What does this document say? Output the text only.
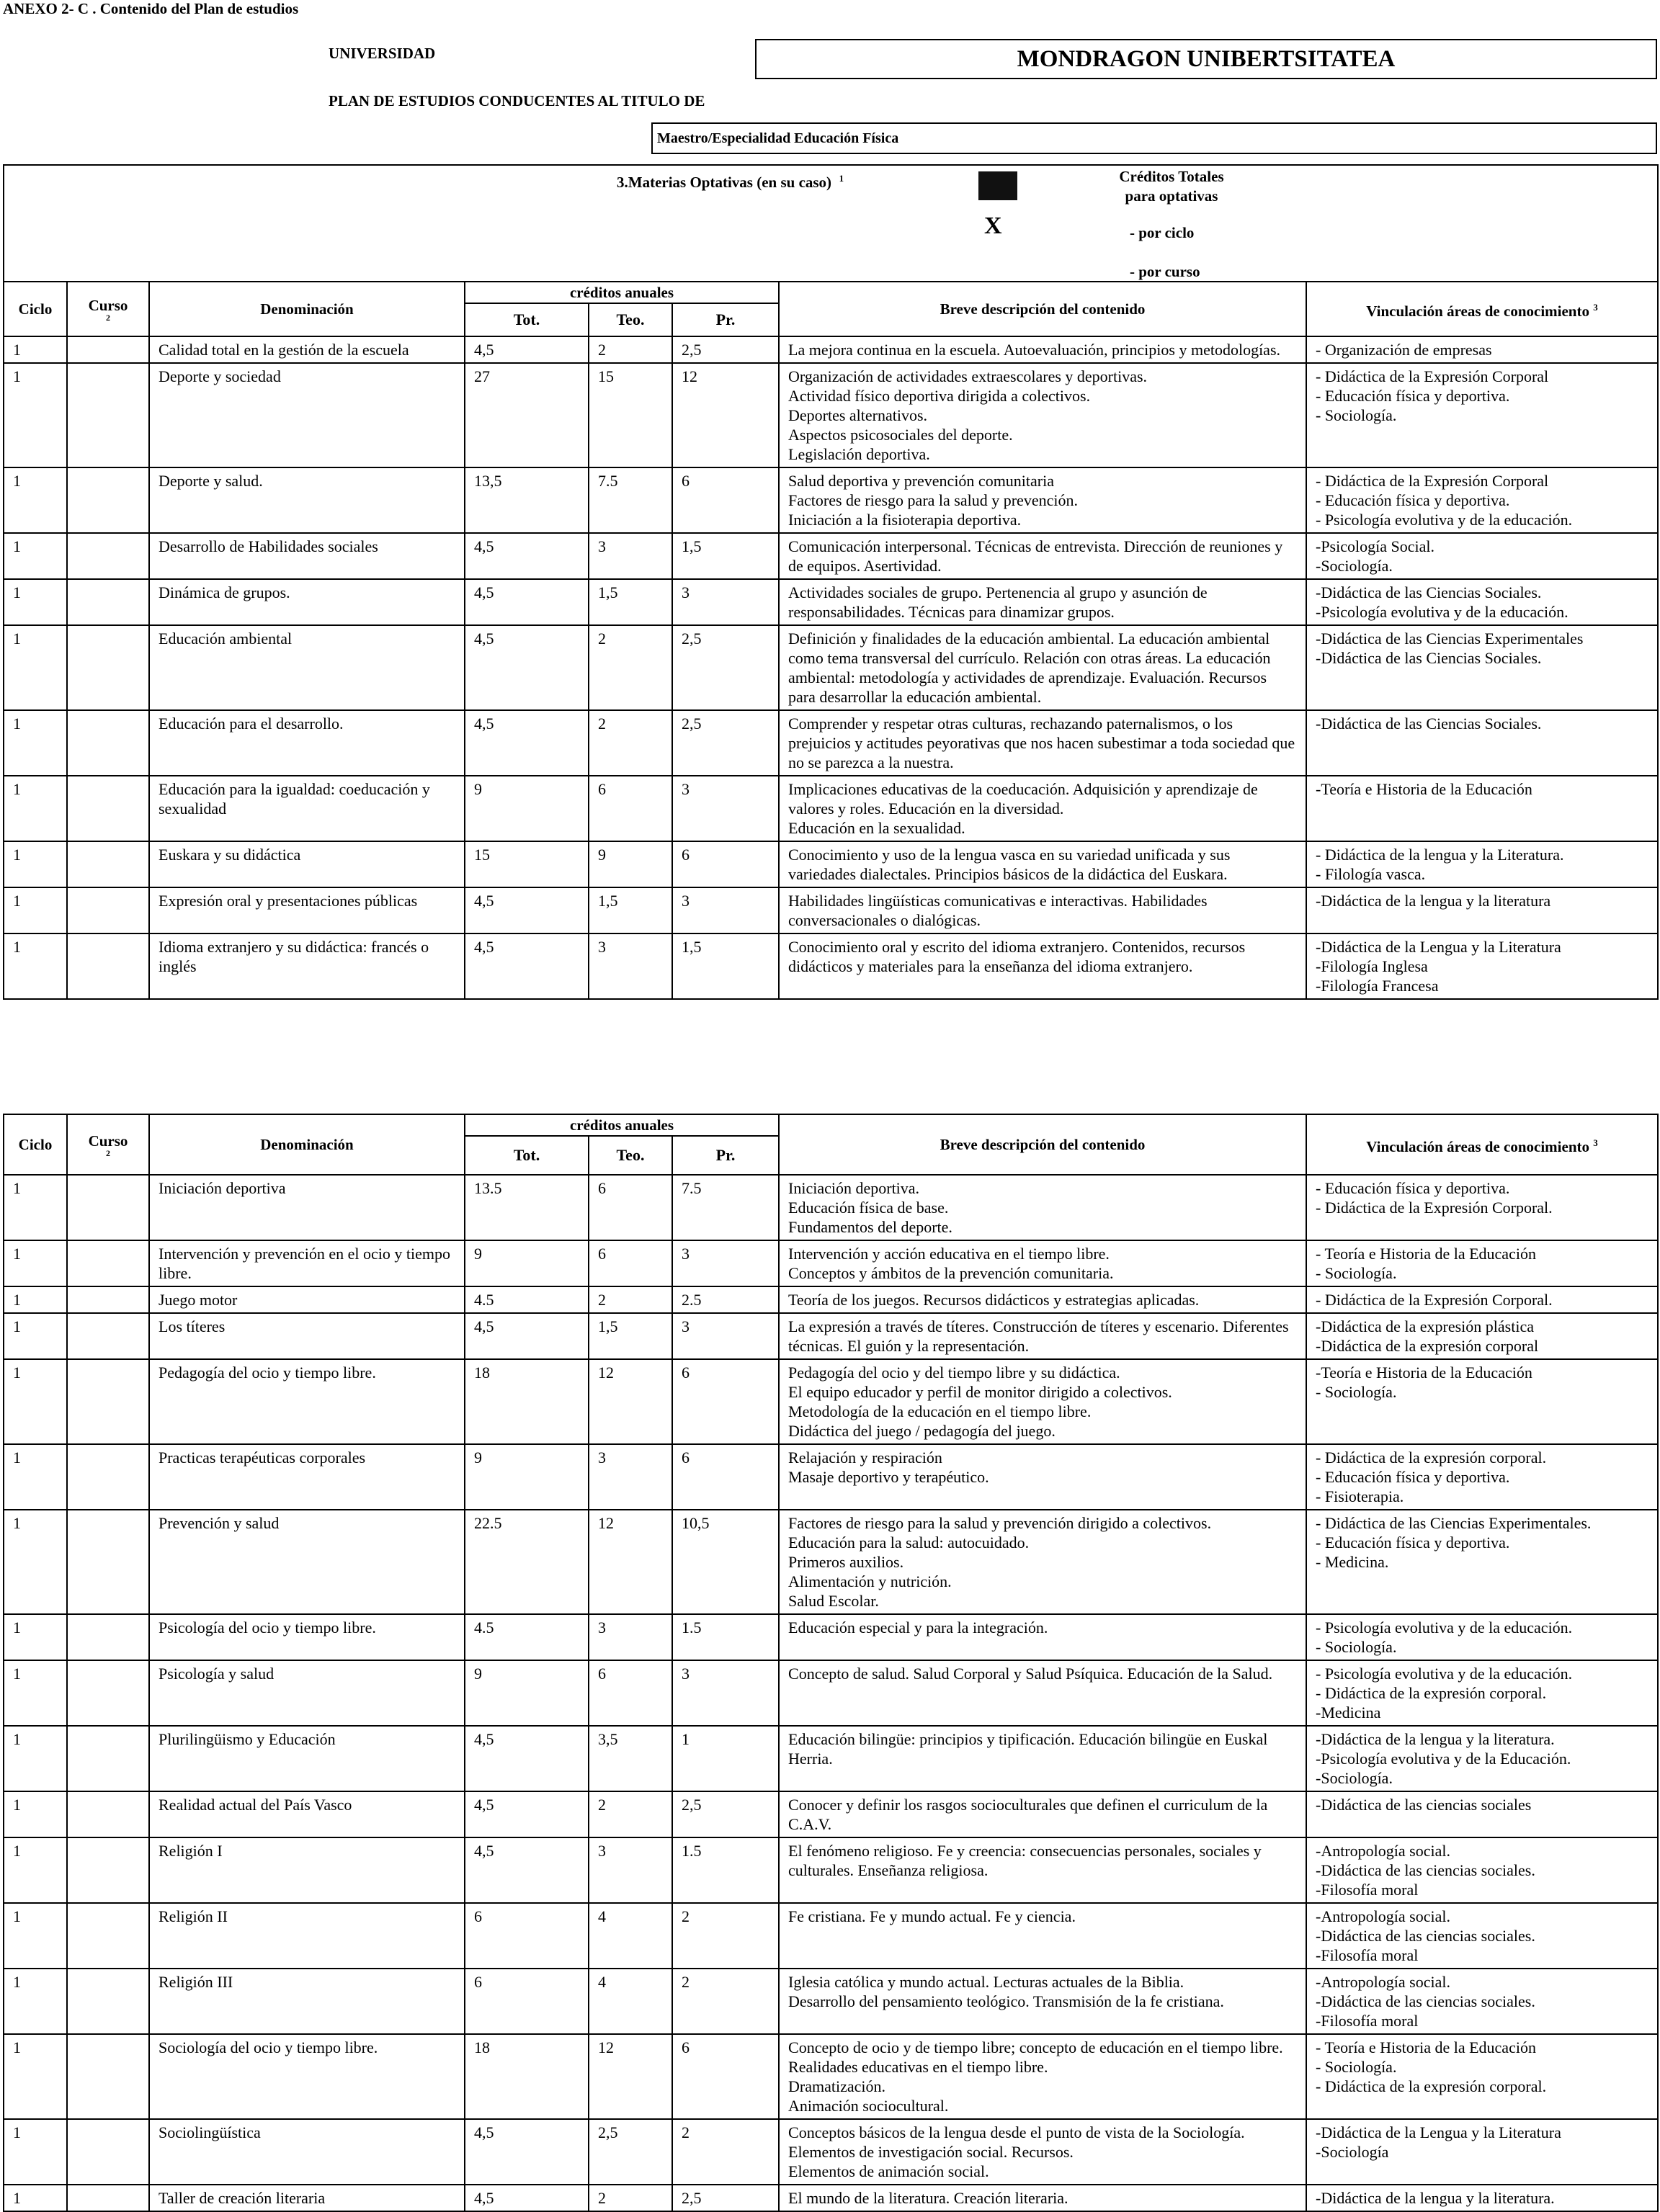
ANEXO 2- C . Contenido del Plan de estudios
UNIVERSIDAD	MONDRAGON UNIBERTSITATEA
PLAN DE ESTUDIOS CONDUCENTES AL TITULO DE
Maestro/Especialidad Educación Física
3.Materias Optativas (en su caso) $^1$
X
Créditos Totales para optativas
- por ciclo
- por curso							

Ciclo	Curso
2	Denominación	créditos anuales			Breve descripción del contenido	Vinculación áreas de conocimiento $^3$
			Tot.	Teo.	Pr.		
1		Calidad total en la gestión de la escuela	4,5	2	2,5	La mejora continua en la escuela. Autoevaluación, principios y metodologías.	- Organización de empresas

1		Deporte y sociedad	27	15	12	Organización de actividades extraescolares y deportivas.
Actividad físico deportiva dirigida a colectivos.
Deportes alternativos.
Aspectos psicosociales del deporte.
Legislación deportiva.	- Didáctica de la Expresión Corporal
- Educación física y deportiva.
- Sociología.

1		Deporte y salud.	13,5	7.5	6	Salud deportiva y prevención comunitaria
Factores de riesgo para la salud y prevención.
Iniciación a la fisioterapia deportiva.	- Didáctica de la Expresión Corporal
- Educación física y deportiva.
- Psicología evolutiva y de la educación.

1		Desarrollo de Habilidades sociales	4,5	3	1,5	Comunicación interpersonal. Técnicas de entrevista. Dirección de reuniones y de equipos. Asertividad.	-Psicología Social.
-Sociología.

1		Dinámica de grupos.	4,5	1,5	3	Actividades sociales de grupo. Pertenencia al grupo y asunción de responsabilidades. Técnicas para dinamizar grupos.	-Didáctica de las Ciencias Sociales.
-Psicología evolutiva y de la educación.

1		Educación ambiental	4,5	2	2,5	Definición y finalidades de la educación ambiental. La educación ambiental como tema transversal del currículo. Relación con otras áreas. La educación ambiental: metodología y actividades de aprendizaje. Evaluación. Recursos para desarrollar la educación ambiental.	-Didáctica de las Ciencias Experimentales
-Didáctica de las Ciencias Sociales.

1		Educación para el desarrollo.	4,5	2	2,5	Comprender y respetar otras culturas, rechazando paternalismos, o los prejuicios y actitudes peyorativas que nos hacen subestimar a toda sociedad que no se parezca a la nuestra.	-Didáctica de las Ciencias Sociales.

1		Educación para la igualdad: coeducación y sexualidad	9	6	3	Implicaciones educativas de la coeducación. Adquisición y aprendizaje de valores y roles. Educación en la diversidad.
Educación en la sexualidad.	-Teoría e Historia de la Educación

1		Euskara y su didáctica	15	9	6	Conocimiento y uso de la lengua vasca en su variedad unificada y sus variedades dialectales. Principios básicos de la didáctica del Euskara.	- Didáctica de la lengua y la Literatura.
- Filología vasca.

1		Expresión oral y presentaciones públicas	4,5	1,5	3	Habilidades lingüísticas comunicativas e interactivas. Habilidades conversacionales o dialógicas.	-Didáctica de la lengua y la literatura

1		Idioma extranjero y su didáctica: francés o inglés	4,5	3	1,5	Conocimiento oral y escrito del idioma extranjero. Contenidos, recursos didácticos y materiales para la enseñanza del idioma extranjero.	-Didáctica de la Lengua y la Literatura
-Filología Inglesa
-Filología Francesa
Ciclo	Curso
2	Denominación	créditos anuales			Breve descripción del contenido	Vinculación áreas de conocimiento $^3$
			Tot.	Teo.	Pr.		
1		Iniciación deportiva	13.5	6	7.5	Iniciación deportiva.
Educación física de base.
Fundamentos del deporte.	- Educación física y deportiva.
- Didáctica de la Expresión Corporal.

1		Intervención y prevención en el ocio y tiempo libre.	9	6	3	Intervención y acción educativa en el tiempo libre.
Conceptos y ámbitos de la prevención comunitaria.	- Teoría e Historia de la Educación
- Sociología.

1		Juego motor	4.5	2	2.5	Teoría de los juegos. Recursos didácticos y estrategias aplicadas.	- Didáctica de la Expresión Corporal.

1		Los títeres	4,5	1,5	3	La expresión a través de títeres. Construcción de títeres y escenario. Diferentes técnicas. El guión y la representación.	-Didáctica de la expresión plástica
-Didáctica de la expresión corporal

1		Pedagogía del ocio y tiempo libre.	18	12	6	Pedagogía del ocio y del tiempo libre y su didáctica.
El equipo educador y perfil de monitor dirigido a colectivos.
Metodología de la educación en el tiempo libre.
Didáctica del juego / pedagogía del juego.	-Teoría e Historia de la Educación
- Sociología.

1		Practicas terapéuticas corporales	9	3	6	Relajación y respiración
Masaje deportivo y terapéutico.	- Didáctica de la expresión corporal.
- Educación física y deportiva.
- Fisioterapia.

1		Prevención y salud	22.5	12	10,5	Factores de riesgo para la salud y prevención dirigido a colectivos.
Educación para la salud: autocuidado.
Primeros auxilios.
Alimentación y nutrición.
Salud Escolar.	- Didáctica de las Ciencias Experimentales.
- Educación física y deportiva.
- Medicina.

1		Psicología del ocio y tiempo libre.	4.5	3	1.5	Educación especial y para la integración.	- Psicología evolutiva y de la educación.
- Sociología.

1		Psicología y salud	9	6	3	Concepto de salud. Salud Corporal y Salud Psíquica. Educación de la Salud.	- Psicología evolutiva y de la educación.
- Didáctica de la expresión corporal.
-Medicina

1		Plurilingüismo y Educación	4,5	3,5	1	Educación bilingüe: principios y tipificación. Educación bilingüe en Euskal Herria.	-Didáctica de la lengua y la literatura.
-Psicología evolutiva y de la Educación.
-Sociología.

1		Realidad actual del País Vasco	4,5	2	2,5	Conocer y definir los rasgos socioculturales que definen el curriculum de la C.A.V.	-Didáctica de las ciencias sociales

1		Religión I	4,5	3	1.5	El fenómeno religioso. Fe y creencia: consecuencias personales, sociales y culturales. Enseñanza religiosa.	-Antropología social.
-Didáctica de las ciencias sociales.
-Filosofía moral

1		Religión II	6	4	2	Fe cristiana. Fe y mundo actual. Fe y ciencia.	-Antropología social.
-Didáctica de las ciencias sociales.
-Filosofía moral

1		Religión III	6	4	2	Iglesia católica y mundo actual. Lecturas actuales de la Biblia.
Desarrollo del pensamiento teológico. Transmisión de la fe cristiana.	-Antropología social.
-Didáctica de las ciencias sociales.
-Filosofía moral

1		Sociología del ocio y tiempo libre.	18	12	6	Concepto de ocio y de tiempo libre; concepto de educación en el tiempo libre.
Realidades educativas en el tiempo libre.
Dramatización.
Animación sociocultural.	- Teoría e Historia de la Educación
- Sociología.
- Didáctica de la expresión corporal.

1		Sociolingüística	4,5	2,5	2	Conceptos básicos de la lengua desde el punto de vista de la Sociología. Elementos de investigación social. Recursos.
Elementos de animación social.	-Didáctica de la Lengua y la Literatura
-Sociología

1		Taller de creación literaria	4,5	2	2,5	El mundo de la literatura. Creación literaria.	-Didáctica de la lengua y la literatura.
